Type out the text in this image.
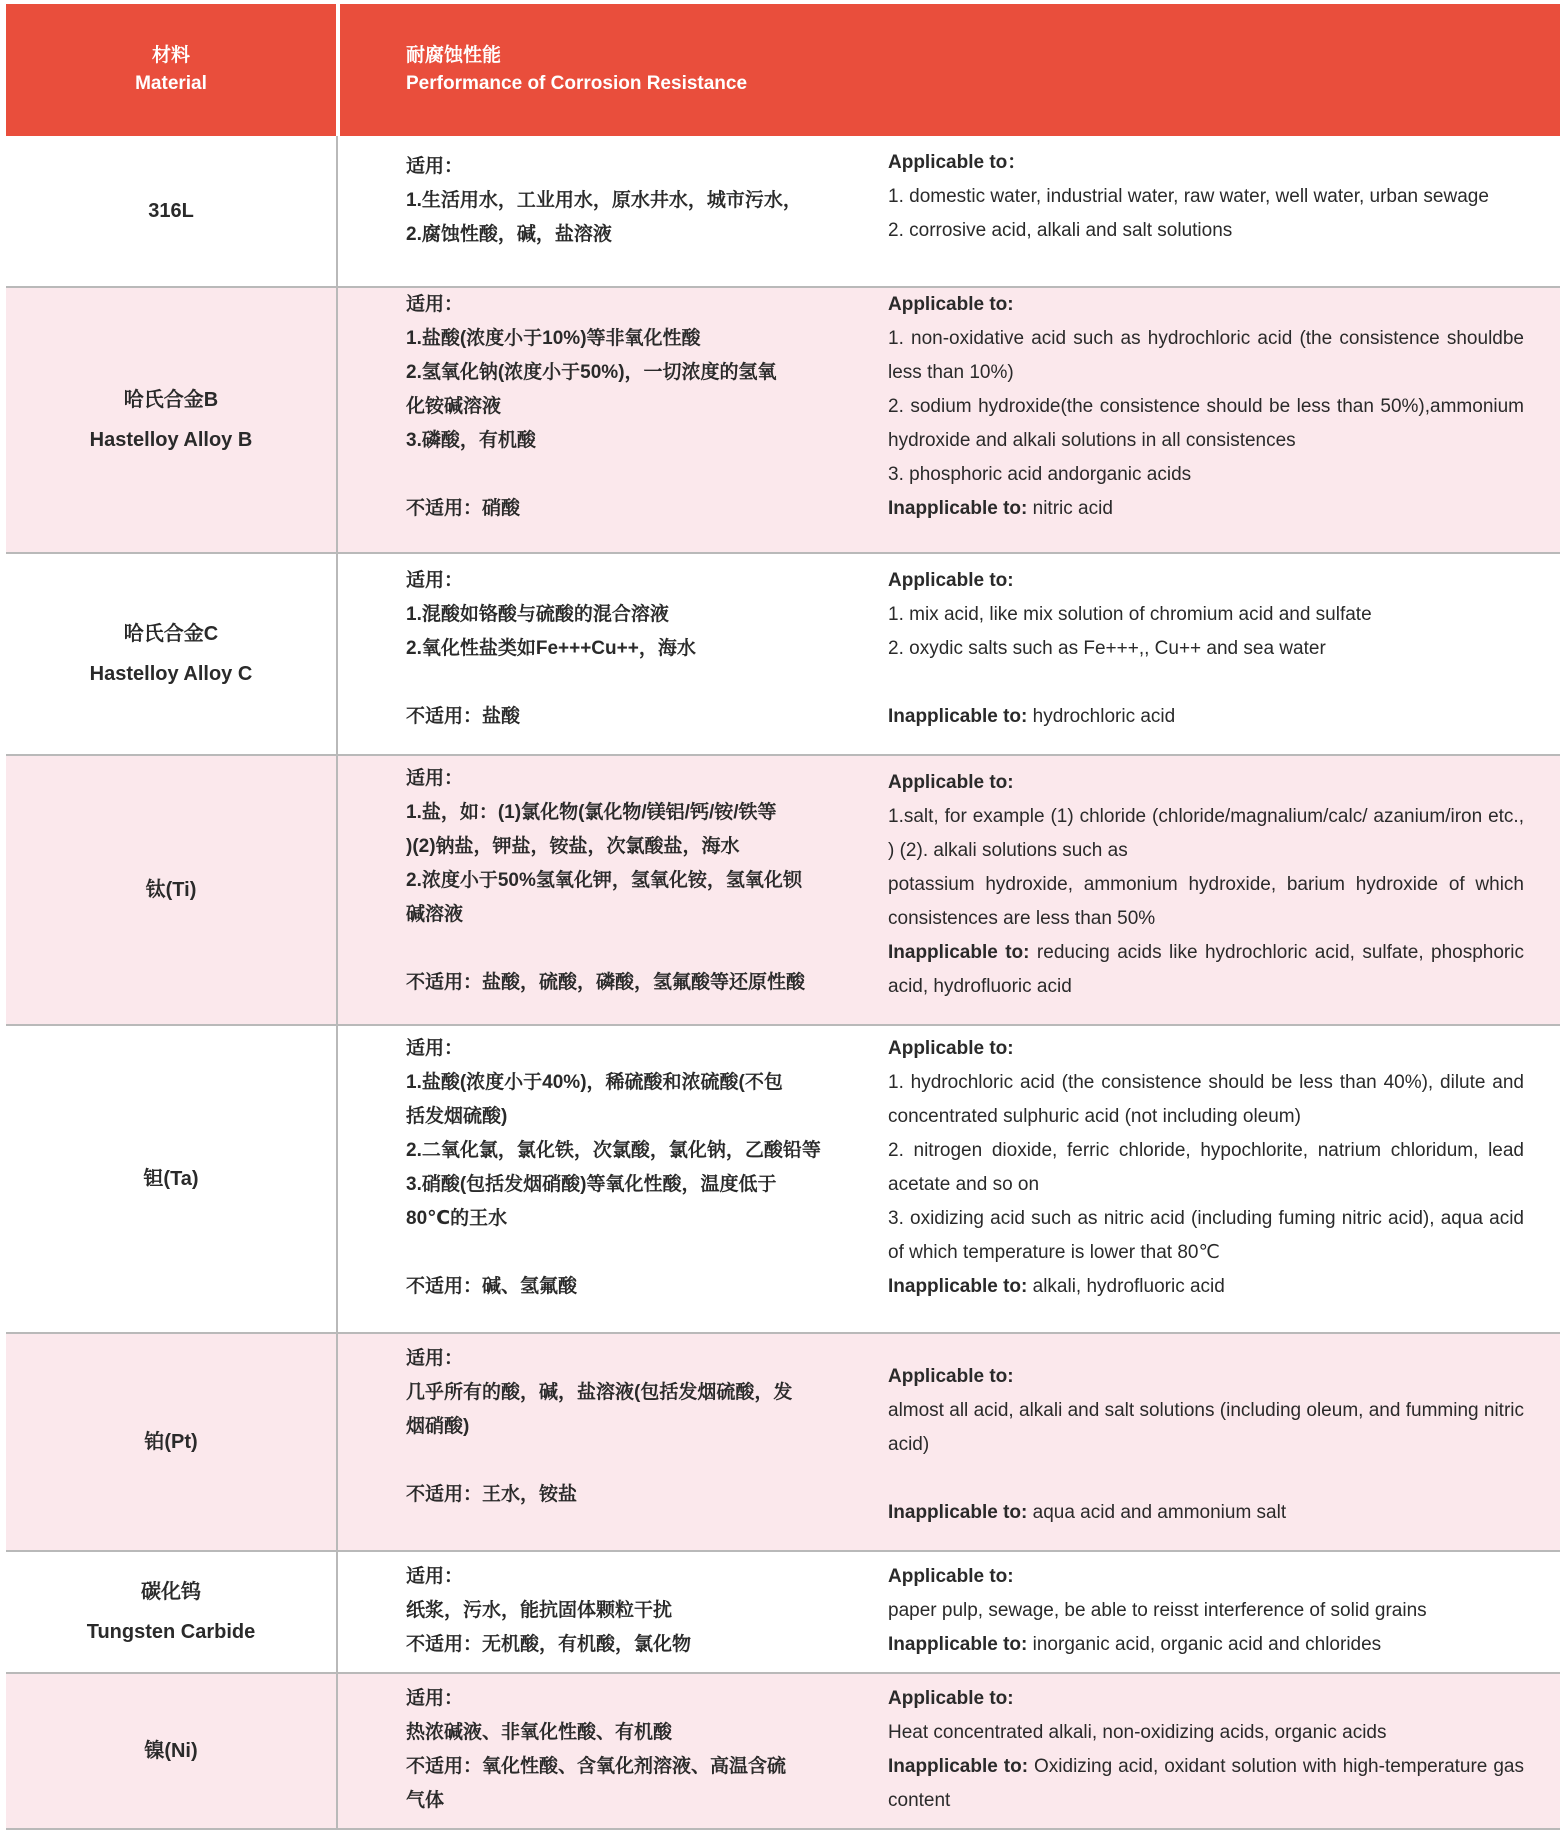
材料
Material
耐腐蚀性能
Performance of Corrosion Resistance
316L
适用：
1.生活用水，工业用水，原水井水，城市污水，
2.腐蚀性酸，碱，盐溶液
Applicable to：
1. domestic water, industrial water, raw water, well water, urban sewage
2. corrosive acid, alkali and salt solutions
哈氏合金B
Hastelloy Alloy B
适用：
1.盐酸(浓度小于10%)等非氧化性酸
2.氢氧化钠(浓度小于50%)，一切浓度的氢氧
化铵碱溶液
3.磷酸，有机酸
不适用：硝酸
Applicable to:
1. non-oxidative acid such as hydrochloric acid (the consistence shouldbe less than 10%)
2. sodium hydroxide(the consistence should be less than 50%),ammonium hydroxide and alkali solutions in all consistences
3. phosphoric acid andorganic acids
Inapplicable to: nitric acid
哈氏合金C
Hastelloy Alloy C
适用：
1.混酸如铬酸与硫酸的混合溶液
2.氧化性盐类如Fe+++Cu++，海水
不适用：盐酸
Applicable to:
1. mix acid, like mix solution of chromium acid and sulfate
2. oxydic salts such as Fe+++,, Cu++ and sea water
Inapplicable to: hydrochloric acid
钛(Ti)
适用：
1.盐，如：(1)氯化物(氯化物/镁铝/钙/铵/铁等
)(2)钠盐，钾盐，铵盐，次氯酸盐，海水
2.浓度小于50%氢氧化钾，氢氧化铵，氢氧化钡
碱溶液
不适用：盐酸，硫酸，磷酸，氢氟酸等还原性酸
Applicable to:
1.salt, for example (1) chloride (chloride/magnalium/calc/ azanium/iron etc., ) (2). alkali solutions such as
potassium hydroxide, ammonium hydroxide, barium hydroxide of which consistences are less than 50%
Inapplicable to: reducing acids like hydrochloric acid, sulfate, phosphoric acid, hydrofluoric acid
钽(Ta)
适用：
1.盐酸(浓度小于40%)，稀硫酸和浓硫酸(不包
括发烟硫酸)
2.二氧化氯，氯化铁，次氯酸，氯化钠，乙酸铅等
3.硝酸(包括发烟硝酸)等氧化性酸，温度低于
80℃的王水
不适用：碱、氢氟酸
Applicable to:
1. hydrochloric acid (the consistence should be less than 40%), dilute and concentrated sulphuric acid (not including oleum)
2. nitrogen dioxide, ferric chloride, hypochlorite, natrium chloridum, lead acetate and so on
3. oxidizing acid such as nitric acid (including fuming nitric acid), aqua acid of which temperature is lower that 80℃
Inapplicable to: alkali, hydrofluoric acid
铂(Pt)
适用：
几乎所有的酸，碱，盐溶液(包括发烟硫酸，发
烟硝酸)
不适用：王水，铵盐
Applicable to:
almost all acid, alkali and salt solutions (including oleum, and fumming nitric acid)
Inapplicable to: aqua acid and ammonium salt
碳化钨
Tungsten Carbide
适用：
纸浆，污水，能抗固体颗粒干扰
不适用：无机酸，有机酸，氯化物
Applicable to:
paper pulp, sewage, be able to reisst interference of solid grains
Inapplicable to: inorganic acid, organic acid and chlorides
镍(Ni)
适用：
热浓碱液、非氧化性酸、有机酸
不适用：氧化性酸、含氧化剂溶液、高温含硫
气体
Applicable to:
Heat concentrated alkali, non-oxidizing acids, organic acids
Inapplicable to: Oxidizing acid, oxidant solution with high-temperature gas content
